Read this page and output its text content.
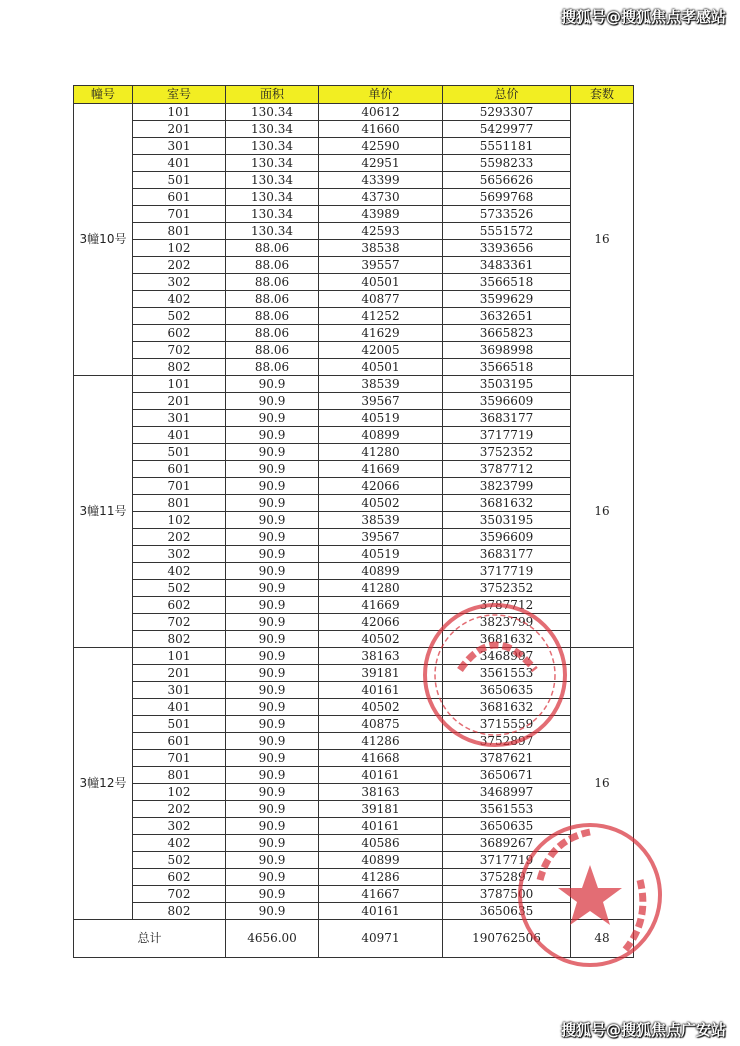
搜狐号@搜狐焦点孝感站
幢号	室号	面积	单价	总价	套数
3幢10号	101	130.34	40612	5293307	16
	201	130.34	41660	5429977	
	301	130.34	42590	5551181	
	401	130.34	42951	5598233	
	501	130.34	43399	5656626	
	601	130.34	43730	5699768	
	701	130.34	43989	5733526	
	801	130.34	42593	5551572	
	102	88.06	38538	3393656	
	202	88.06	39557	3483361	
	302	88.06	40501	3566518	
	402	88.06	40877	3599629	
	502	88.06	41252	3632651	
	602	88.06	41629	3665823	
	702	88.06	42005	3698998	
	802	88.06	40501	3566518	
3幢11号	101	90.9	38539	3503195	16
	201	90.9	39567	3596609	
	301	90.9	40519	3683177	
	401	90.9	40899	3717719	
	501	90.9	41280	3752352	
	601	90.9	41669	3787712	
	701	90.9	42066	3823799	
	801	90.9	40502	3681632	
	102	90.9	38539	3503195	
	202	90.9	39567	3596609	
	302	90.9	40519	3683177	
	402	90.9	40899	3717719	
	502	90.9	41280	3752352	
	602	90.9	41669	3787712	
	702	90.9	42066	3823799	
	802	90.9	40502	3681632	
3幢12号	101	90.9	38163	3468997	16
	201	90.9	39181	3561553	
	301	90.9	40161	3650635	
	401	90.9	40502	3681632	
	501	90.9	40875	3715559	
	601	90.9	41286	3752897	
	701	90.9	41668	3787621	
	801	90.9	40161	3650671	
	102	90.9	38163	3468997	
	202	90.9	39181	3561553	
	302	90.9	40161	3650635	
	402	90.9	40586	3689267	
	502	90.9	40899	3717719	
	602	90.9	41286	3752897	
	702	90.9	41667	3787500	
	802	90.9	40161	3650635	
总计		4656.00	40971	190762506	48
搜狐号@搜狐焦点广安站
